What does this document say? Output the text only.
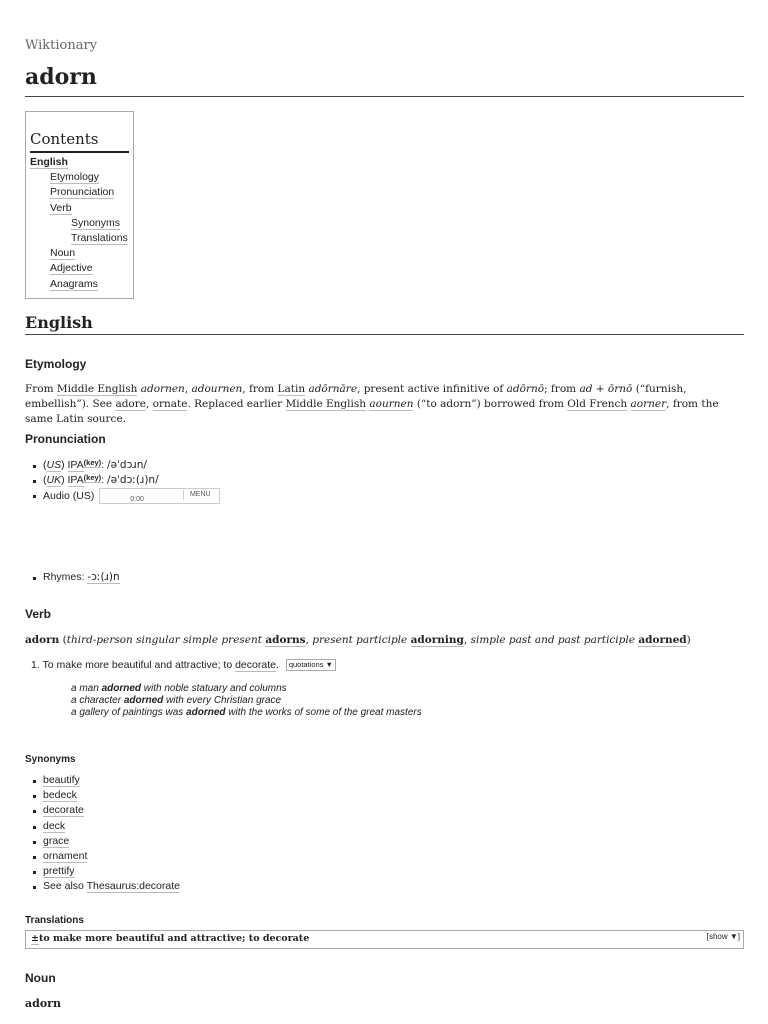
Wiktionary
adorn
Contents
English
Etymology
Pronunciation
Verb
Synonyms
Translations
Noun
Adjective
Anagrams
English
Etymology

From Middle English adornen, adournen, from Latin adōrnāre, present active infinitive of adōrnō; from ad + ōrnō (“furnish, embellish”). See adore, ornate. Replaced earlier Middle English aournen (“to adorn”) borrowed from Old French aorner, from the same Latin source.

Pronunciation
(US) IPA$^{(key)}$: /əˈdɔɹn/
(UK) IPA$^{(key)}$: /əˈdɔː(ɹ)n/
Audio (US)	0:00
MENU
Rhymes: -ɔː(ɹ)n
Verb

adorn (third-person singular simple present adorns, present participle adorning, simple past and past participle adorned)

1. To make more beautiful and attractive; to decorate. quotations ▼
a man adorned with noble statuary and columns
a character adorned with every Christian grace
a gallery of paintings was adorned with the works of some of the great masters
Synonyms
beautify
bedeck
decorate
deck
grace
ornament
prettify
See also Thesaurus:decorate
Translations
±to make more beautiful and attractive; to decorate	[show ▼]
Noun
adorn
